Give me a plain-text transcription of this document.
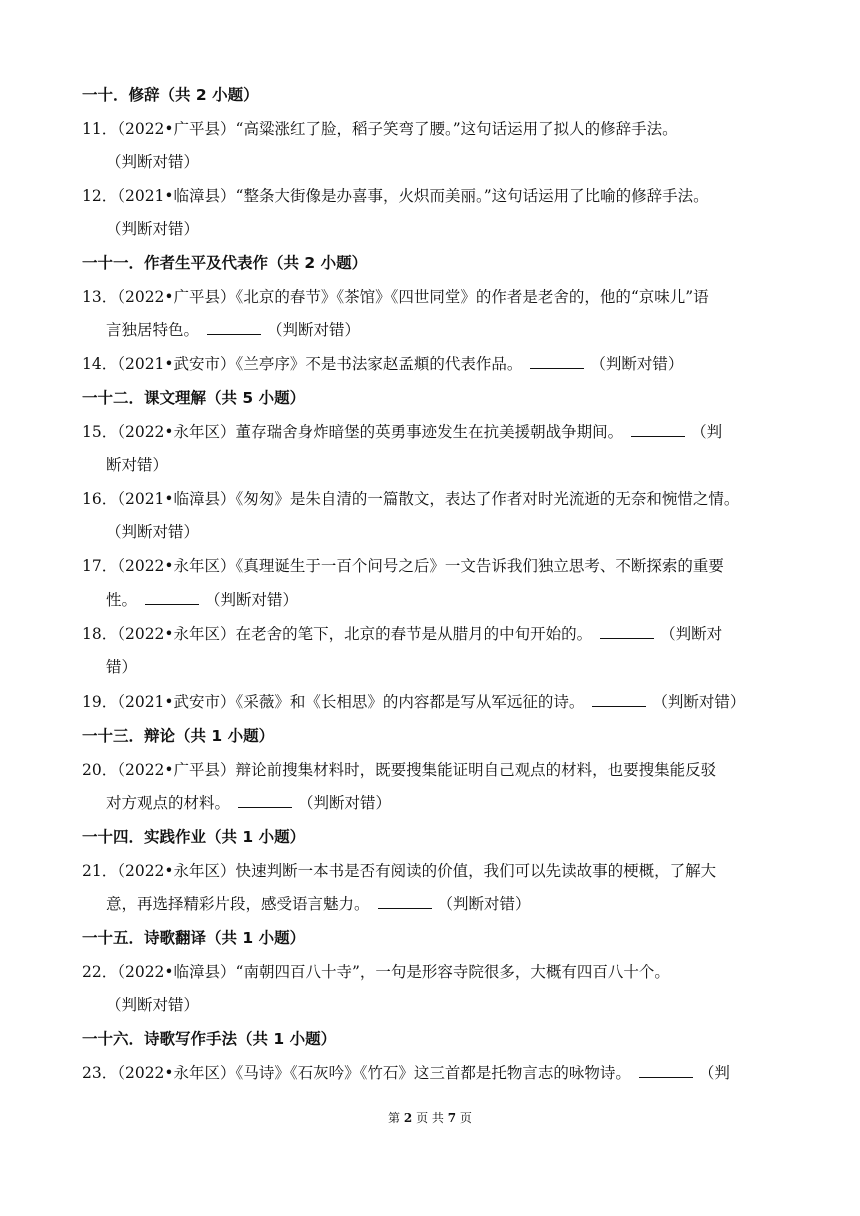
一十．修辞（共 2 小题）
11．（2022•广平县）“高粱涨红了脸，稻子笑弯了腰。”这句话运用了拟人的修辞手法。
（判断对错）
12．（2021•临漳县）“整条大街像是办喜事，火炽而美丽。”这句话运用了比喻的修辞手法。
（判断对错）
一十一．作者生平及代表作（共 2 小题）
13．（2022•广平县）《北京的春节》《茶馆》《四世同堂》的作者是老舍的，他的“京味儿”语
言独居特色。	（判断对错）
14．（2021•武安市）《兰亭序》不是书法家赵孟頫的代表作品。	（判断对错）
一十二．课文理解（共 5 小题）
15．（2022•永年区）董存瑞舍身炸暗堡的英勇事迹发生在抗美援朝战争期间。	（判
断对错）
16．（2021•临漳县）《匆匆》是朱自清的一篇散文，表达了作者对时光流逝的无奈和惋惜之情。
（判断对错）
17．（2022•永年区）《真理诞生于一百个问号之后》一文告诉我们独立思考、不断探索的重要
性。	（判断对错）
18．（2022•永年区）在老舍的笔下，北京的春节是从腊月的中旬开始的。	（判断对
错）
19．（2021•武安市）《采薇》和《长相思》的内容都是写从军远征的诗。	（判断对错）
一十三．辩论（共 1 小题）
20．（2022•广平县）辩论前搜集材料时，既要搜集能证明自己观点的材料，也要搜集能反驳
对方观点的材料。	（判断对错）
一十四．实践作业（共 1 小题）
21．（2022•永年区）快速判断一本书是否有阅读的价值，我们可以先读故事的梗概，了解大
意，再选择精彩片段，感受语言魅力。	（判断对错）
一十五．诗歌翻译（共 1 小题）
22．（2022•临漳县）“南朝四百八十寺”，一句是形容寺院很多，大概有四百八十个。
（判断对错）
一十六．诗歌写作手法（共 1 小题）
23．（2022•永年区）《马诗》《石灰吟》《竹石》这三首都是托物言志的咏物诗。	（判
第 2 页 共 7 页
